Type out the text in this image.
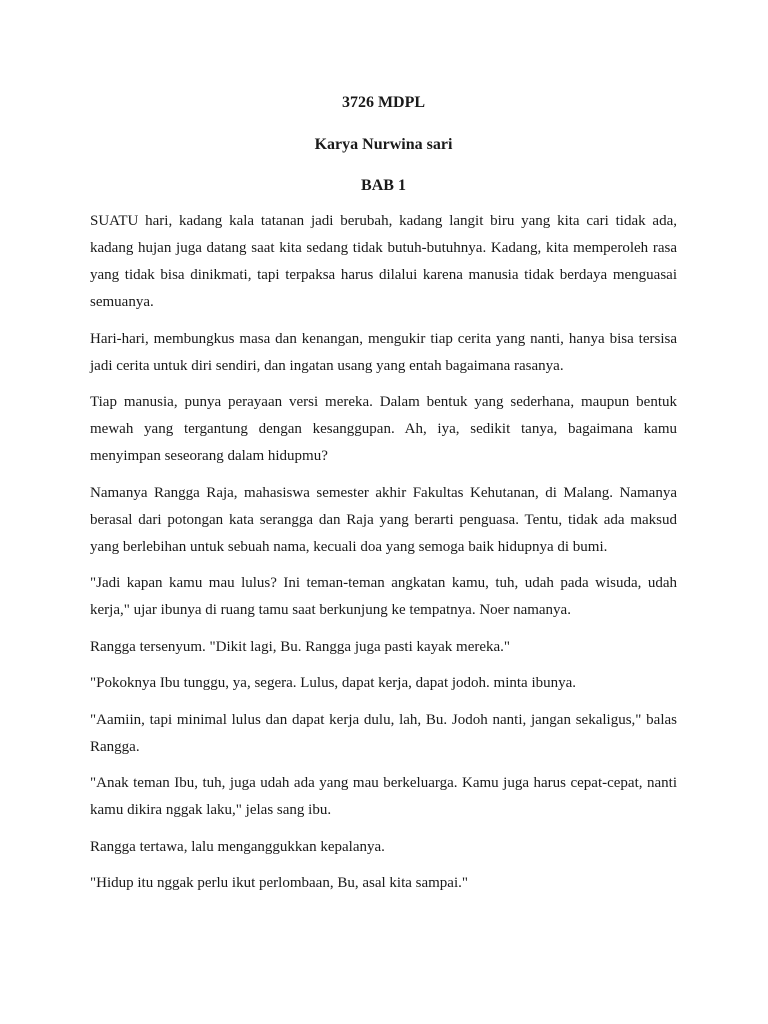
3726 MDPL

Karya Nurwina sari

BAB 1

SUATU hari, kadang kala tatanan jadi berubah, kadang langit biru yang kita cari tidak ada, kadang hujan juga datang saat kita sedang tidak butuh-butuhnya. Kadang, kita memperoleh rasa yang tidak bisa dinikmati, tapi terpaksa harus dilalui karena manusia tidak berdaya menguasai semuanya.

Hari-hari, membungkus masa dan kenangan, mengukir tiap cerita yang nanti, hanya bisa tersisa jadi cerita untuk diri sendiri, dan ingatan usang yang entah bagaimana rasanya.

Tiap manusia, punya perayaan versi mereka. Dalam bentuk yang sederhana, maupun bentuk mewah yang tergantung dengan kesanggupan. Ah, iya, sedikit tanya, bagaimana kamu menyimpan seseorang dalam hidupmu?

Namanya Rangga Raja, mahasiswa semester akhir Fakultas Kehutanan, di Malang. Namanya berasal dari potongan kata serangga dan Raja yang berarti penguasa. Tentu, tidak ada maksud yang berlebihan untuk sebuah nama, kecuali doa yang semoga baik hidupnya di bumi.

"Jadi kapan kamu mau lulus? Ini teman-teman angkatan kamu, tuh, udah pada wisuda, udah kerja," ujar ibunya di ruang tamu saat berkunjung ke tempatnya. Noer namanya.

Rangga tersenyum. "Dikit lagi, Bu. Rangga juga pasti kayak mereka."

"Pokoknya Ibu tunggu, ya, segera. Lulus, dapat kerja, dapat jodoh. minta ibunya.

"Aamiin, tapi minimal lulus dan dapat kerja dulu, lah, Bu. Jodoh nanti, jangan sekaligus," balas Rangga.

"Anak teman Ibu, tuh, juga udah ada yang mau berkeluarga. Kamu juga harus cepat-cepat, nanti kamu dikira nggak laku," jelas sang ibu.

Rangga tertawa, lalu menganggukkan kepalanya.

"Hidup itu nggak perlu ikut perlombaan, Bu, asal kita sampai."
